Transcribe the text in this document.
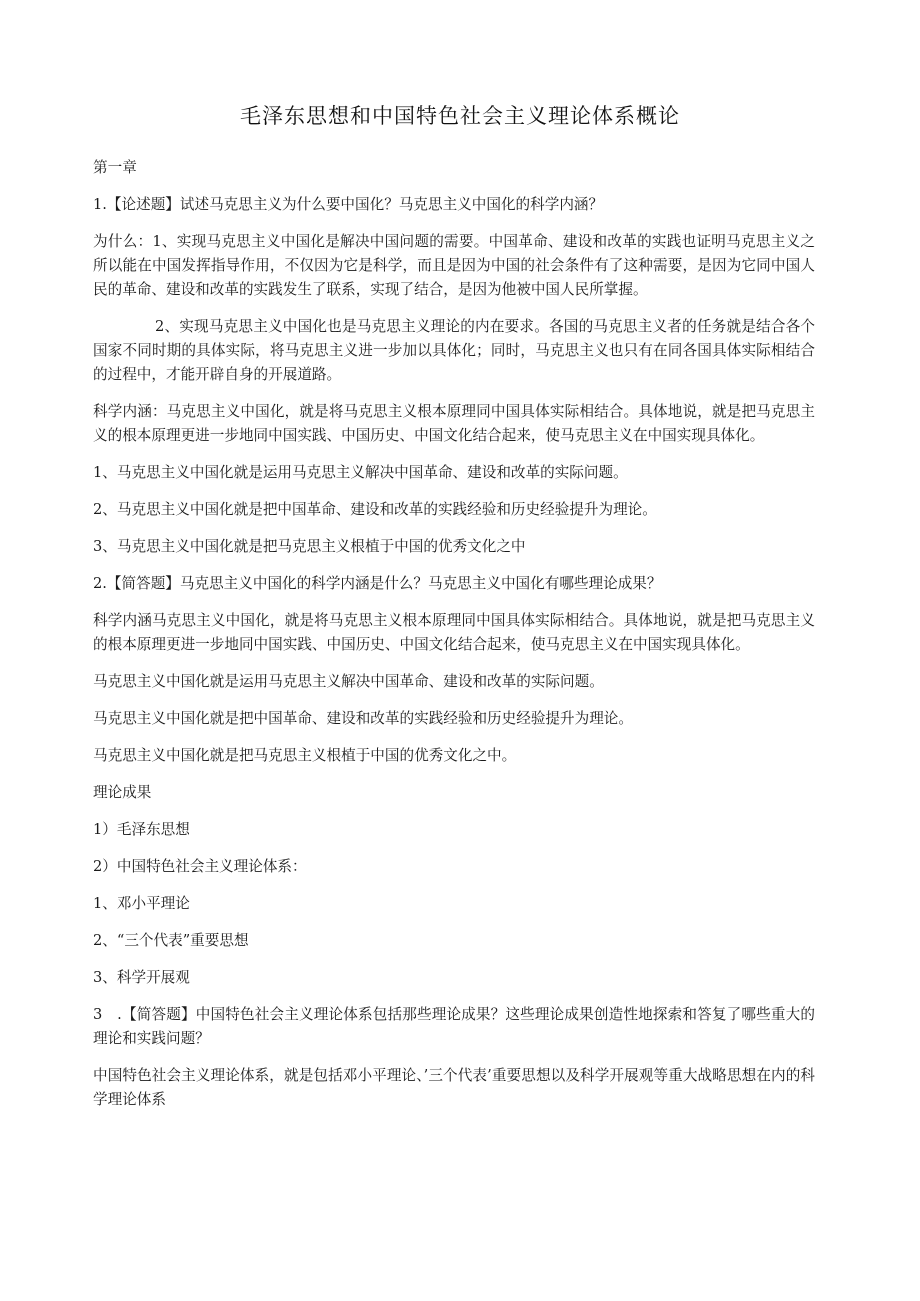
毛泽东思想和中国特色社会主义理论体系概论

第一章

1.【论述题】试述马克思主义为什么要中国化？马克思主义中国化的科学内涵？

为什么：1、实现马克思主义中国化是解决中国问题的需要。中国革命、建设和改革的实践也证明马克思主义之所以能在中国发挥指导作用，不仅因为它是科学，而且是因为中国的社会条件有了这种需要，是因为它同中国人民的革命、建设和改革的实践发生了联系，实现了结合，是因为他被中国人民所掌握。

2、实现马克思主义中国化也是马克思主义理论的内在要求。各国的马克思主义者的任务就是结合各个国家不同时期的具体实际，将马克思主义进一步加以具体化；同时，马克思主义也只有在同各国具体实际相结合的过程中，才能开辟自身的开展道路。

科学内涵：马克思主义中国化，就是将马克思主义根本原理同中国具体实际相结合。具体地说，就是把马克思主义的根本原理更进一步地同中国实践、中国历史、中国文化结合起来，使马克思主义在中国实现具体化。

1、马克思主义中国化就是运用马克思主义解决中国革命、建设和改革的实际问题。

2、马克思主义中国化就是把中国革命、建设和改革的实践经验和历史经验提升为理论。

3、马克思主义中国化就是把马克思主义根植于中国的优秀文化之中

2.【简答题】马克思主义中国化的科学内涵是什么？马克思主义中国化有哪些理论成果？

科学内涵马克思主义中国化，就是将马克思主义根本原理同中国具体实际相结合。具体地说，就是把马克思主义的根本原理更进一步地同中国实践、中国历史、中国文化结合起来，使马克思主义在中国实现具体化。

马克思主义中国化就是运用马克思主义解决中国革命、建设和改革的实际问题。

马克思主义中国化就是把中国革命、建设和改革的实践经验和历史经验提升为理论。

马克思主义中国化就是把马克思主义根植于中国的优秀文化之中。

理论成果

1）毛泽东思想

2）中国特色社会主义理论体系：

1、邓小平理论

2、“三个代表”重要思想

3、科学开展观

3　.【简答题】中国特色社会主义理论体系包括那些理论成果？这些理论成果创造性地探索和答复了哪些重大的理论和实践问题？

中国特色社会主义理论体系，就是包括邓小平理论、’三个代表’重要思想以及科学开展观等重大战略思想在内的科学理论体系
